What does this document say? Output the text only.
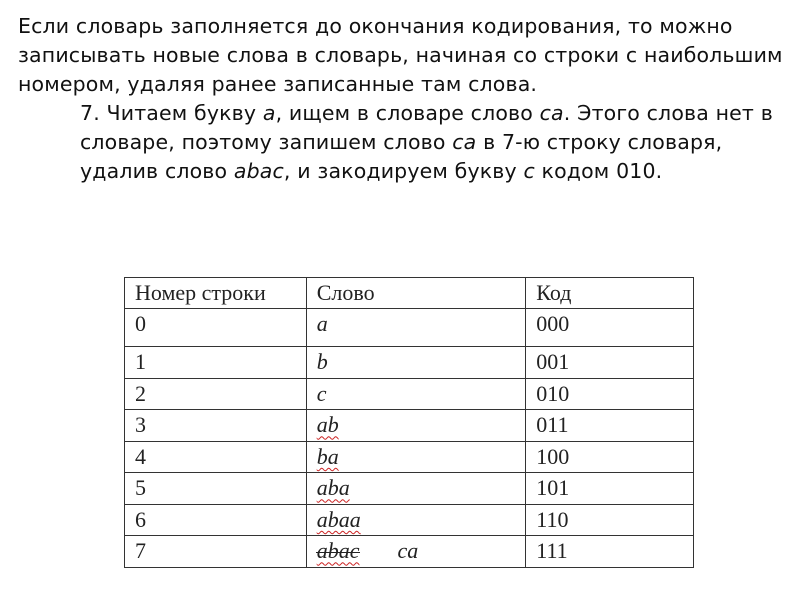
Если словарь заполняется до окончания кодирования, то можно записывать новые слова в словарь, начиная со строки с наибольшим номером, удаляя ранее записанные там слова.

7. Читаем букву a, ищем в словаре слово ca. Этого слова нет в словаре, поэтому запишем слово ca в 7-ю строку словаря, удалив слово abac, и закодируем букву c кодом 010.

Номер строки	Слово	Код
0	a	000
1	b	001
2	c	010
3	ab	011
4	ba	100
5	aba	101
6	abaa	110
7	abac ca	111
